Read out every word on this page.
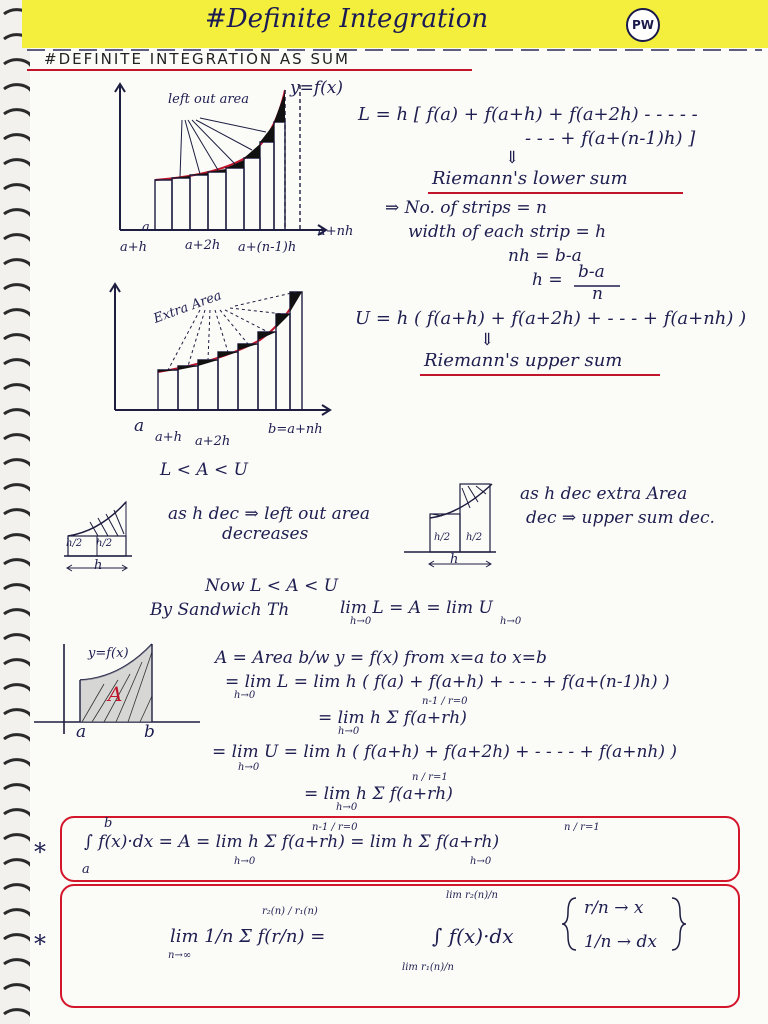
#Definite Integration	PW
#DEFINITE INTEGRATION AS SUM
left out area
y=f(x)
a
a+h	a+2h a+(n-1)h
a+nh
L = h [ f(a) + f(a+h) + f(a+2h) - - - - -
- - - + f(a+(n-1)h) ]
⇓
Riemann's lower sum
⇒ No. of strips = n
width of each strip = h
nh = b-a
h = b-a
n
Extra Area
a
a+h a+2h
b=a+nh
U = h ( f(a+h) + f(a+2h) + - - - + f(a+nh) )
⇓
Riemann's upper sum
L < A < U
h/2 h/2
h
as h dec ⇒ left out area
decreases	h/2 h/2
h
as h dec extra Area
dec ⇒ upper sum dec.
Now L < A < U
By Sandwich Th	lim L = A = lim U
h→0	h→0
y=f(x)
A
a	b
A = Area b/w y = f(x) from x=a to x=b
= lim L = lim h ( f(a) + f(a+h) + - - - + f(a+(n-1)h) )
h→0
= lim h Σ f(a+rh)
n-1 / r=0
h→0
= lim U = lim h ( f(a+h) + f(a+2h) + - - - - + f(a+nh) )
h→0
= lim h Σ f(a+rh)
n / r=1
h→0
* ∫ f(x)·dx = A = lim h Σ f(a+rh) = lim h Σ f(a+rh)
b
a
n-1 / r=0	n / r=1
h→0	h→0
*	lim 1/n Σ f(r/n) =
n→∞
r₂(n) / r₁(n)
∫ f(x)·dx
lim r₂(n)/n
lim r₁(n)/n
r/n → x
1/n → dx
